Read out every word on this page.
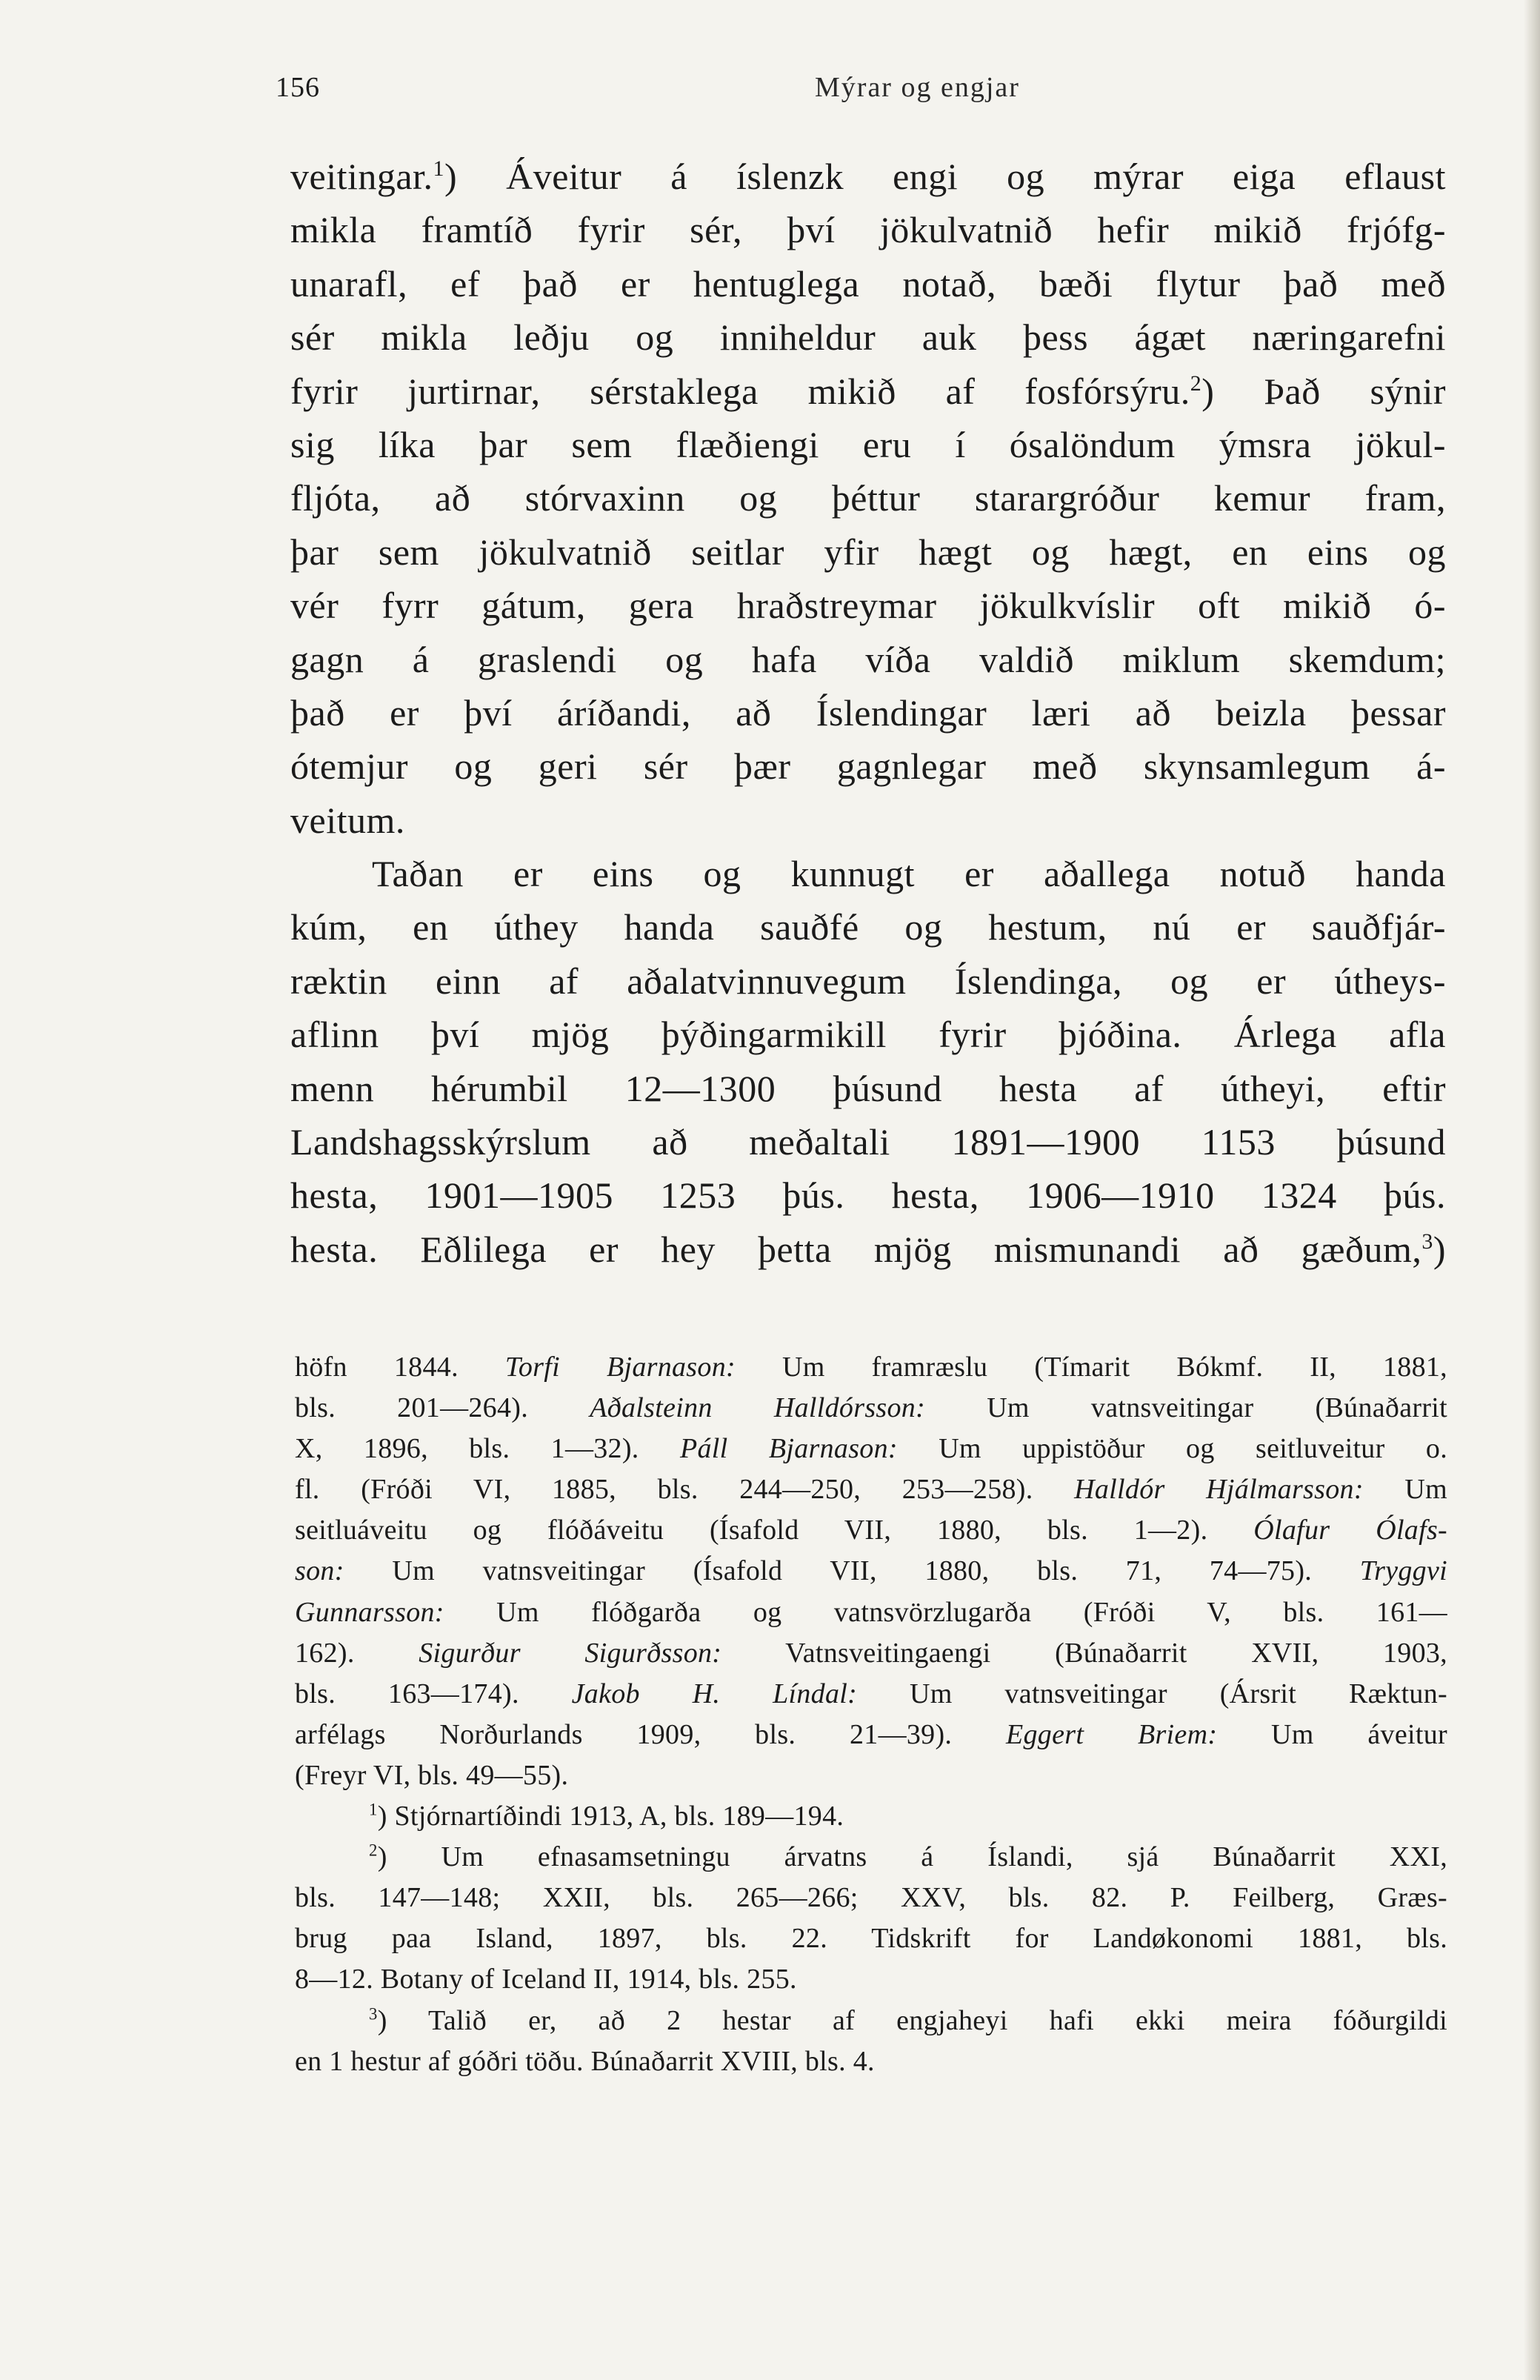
156	Mýrar og engjar
veitingar.$^1$) Áveitur á íslenzk engi og mýrar eiga eflaust
mikla framtíð fyrir sér, því jökulvatnið hefir mikið frjófg-
unarafl, ef það er hentuglega notað, bæði flytur það með
sér mikla leðju og inniheldur auk þess ágæt næringarefni
fyrir jurtirnar, sérstaklega mikið af fosfórsýru.$^2$) Það sýnir
sig líka þar sem flæðiengi eru í ósalöndum ýmsra jökul-
fljóta, að stórvaxinn og þéttur starargróður kemur fram,
þar sem jökulvatnið seitlar yfir hægt og hægt, en eins og
vér fyrr gátum, gera hraðstreymar jökulkvíslir oft mikið ó-
gagn á graslendi og hafa víða valdið miklum skemdum;
það er því áríðandi, að Íslendingar læri að beizla þessar
ótemjur og geri sér þær gagnlegar með skynsamlegum á-
veitum.
Taðan er eins og kunnugt er aðallega notuð handa
kúm, en úthey handa sauðfé og hestum, nú er sauðfjár-
ræktin einn af aðalatvinnuvegum Íslendinga, og er útheys-
aflinn því mjög þýðingarmikill fyrir þjóðina. Árlega afla
menn hérumbil 12—1300 þúsund hesta af útheyi, eftir
Landshagsskýrslum að meðaltali 1891—1900 1153 þúsund
hesta, 1901—1905 1253 þús. hesta, 1906—1910 1324 þús.
hesta. Eðlilega er hey þetta mjög mismunandi að gæðum,$^3$)
höfn 1844. Torfi Bjarnason: Um framræslu (Tímarit Bókmf. II, 1881,
bls. 201—264). Aðalsteinn Halldórsson: Um vatnsveitingar (Búnaðarrit
X, 1896, bls. 1—32). Páll Bjarnason: Um uppistöður og seitluveitur o.
fl. (Fróði VI, 1885, bls. 244—250, 253—258). Halldór Hjálmarsson: Um
seitluáveitu og flóðáveitu (Ísafold VII, 1880, bls. 1—2). Ólafur Ólafs-
son: Um vatnsveitingar (Ísafold VII, 1880, bls. 71, 74—75). Tryggvi
Gunnarsson: Um flóðgarða og vatnsvörzlugarða (Fróði V, bls. 161—
162). Sigurður Sigurðsson: Vatnsveitingaengi (Búnaðarrit XVII, 1903,
bls. 163—174). Jakob H. Líndal: Um vatnsveitingar (Ársrit Ræktun-
arfélags Norðurlands 1909, bls. 21—39). Eggert Briem: Um áveitur
(Freyr VI, bls. 49—55).
$^1$) Stjórnartíðindi 1913, A, bls. 189—194.
$^2$) Um efnasamsetningu árvatns á Íslandi, sjá Búnaðarrit XXI,
bls. 147—148; XXII, bls. 265—266; XXV, bls. 82. P. Feilberg, Græs-
brug paa Island, 1897, bls. 22. Tidskrift for Landøkonomi 1881, bls.
8—12. Botany of Iceland II, 1914, bls. 255.
$^3$) Talið er, að 2 hestar af engjaheyi hafi ekki meira fóðurgildi
en 1 hestur af góðri töðu. Búnaðarrit XVIII, bls. 4.
